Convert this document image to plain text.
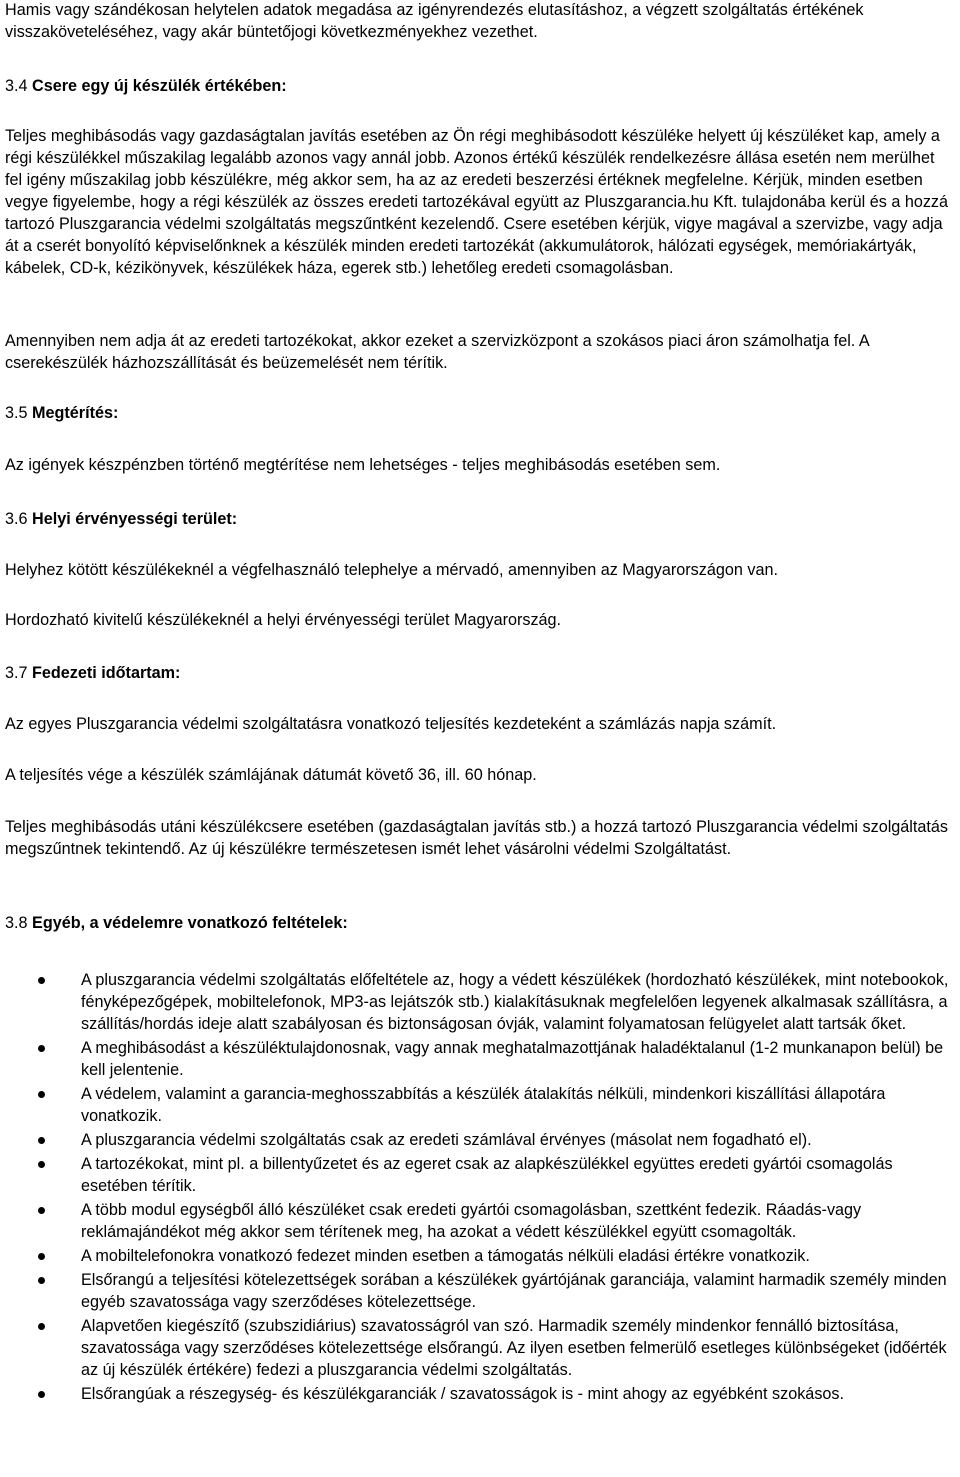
Hamis vagy szándékosan helytelen adatok megadása az igényrendezés elutasításhoz, a végzett szolgáltatás értékének visszaköveteléséhez, vagy akár büntetőjogi következményekhez vezethet.

3.4 Csere egy új készülék értékében:

Teljes meghibásodás vagy gazdaságtalan javítás esetében az Ön régi meghibásodott készüléke helyett új készüléket kap, amely a régi készülékkel műszakilag legalább azonos vagy annál jobb. Azonos értékű készülék rendelkezésre állása esetén nem merülhet fel igény műszakilag jobb készülékre, még akkor sem, ha az az eredeti beszerzési értéknek megfelelne. Kérjük, minden esetben vegye figyelembe, hogy a régi készülék az összes eredeti tartozékával együtt az Pluszgarancia.hu Kft. tulajdonába kerül és a hozzá tartozó Pluszgarancia védelmi szolgáltatás megszűntként kezelendő. Csere esetében kérjük, vigye magával a szervizbe, vagy adja át a cserét bonyolító képviselőnknek a készülék minden eredeti tartozékát (akkumulátorok, hálózati egységek, memóriakártyák, kábelek, CD-k, kézikönyvek, készülékek háza, egerek stb.) lehetőleg eredeti csomagolásban.

Amennyiben nem adja át az eredeti tartozékokat, akkor ezeket a szervizközpont a szokásos piaci áron számolhatja fel. A cserekészülék házhozszállítását és beüzemelését nem térítik.

3.5 Megtérítés:

Az igények készpénzben történő megtérítése nem lehetséges - teljes meghibásodás esetében sem.

3.6 Helyi érvényességi terület:

Helyhez kötött készülékeknél a végfelhasználó telephelye a mérvadó, amennyiben az Magyarországon van.

Hordozható kivitelű készülékeknél a helyi érvényességi terület Magyarország.

3.7 Fedezeti időtartam:

Az egyes Pluszgarancia védelmi szolgáltatásra vonatkozó teljesítés kezdeteként a számlázás napja számít.

A teljesítés vége a készülék számlájának dátumát követő 36, ill. 60 hónap.

Teljes meghibásodás utáni készülékcsere esetében (gazdaságtalan javítás stb.) a hozzá tartozó Pluszgarancia védelmi szolgáltatás megszűntnek tekintendő. Az új készülékre természetesen ismét lehet vásárolni védelmi Szolgáltatást.

3.8 Egyéb, a védelemre vonatkozó feltételek:
A pluszgarancia védelmi szolgáltatás előfeltétele az, hogy a védett készülékek (hordozható készülékek, mint notebookok, fényképezőgépek, mobiltelefonok, MP3-as lejátszók stb.) kialakításuknak megfelelően legyenek alkalmasak szállításra, a szállítás/hordás ideje alatt szabályosan és biztonságosan óvják, valamint folyamatosan felügyelet alatt tartsák őket.
A meghibásodást a készüléktulajdonosnak, vagy annak meghatalmazottjának haladéktalanul (1-2 munkanapon belül) be kell jelentenie.
A védelem, valamint a garancia-meghosszabbítás a készülék átalakítás nélküli, mindenkori kiszállítási állapotára vonatkozik.
A pluszgarancia védelmi szolgáltatás csak az eredeti számlával érvényes (másolat nem fogadható el).
A tartozékokat, mint pl. a billentyűzetet és az egeret csak az alapkészülékkel együttes eredeti gyártói csomagolás esetében térítik.
A több modul egységből álló készüléket csak eredeti gyártói csomagolásban, szettként fedezik. Ráadás-vagy reklámajándékot még akkor sem térítenek meg, ha azokat a védett készülékkel együtt csomagolták.
A mobiltelefonokra vonatkozó fedezet minden esetben a támogatás nélküli eladási értékre vonatkozik.
Elsőrangú a teljesítési kötelezettségek sorában a készülékek gyártójának garanciája, valamint harmadik személy minden egyéb szavatossága vagy szerződéses kötelezettsége.
Alapvetően kiegészítő (szubszidiárius) szavatosságról van szó. Harmadik személy mindenkor fennálló biztosítása, szavatossága vagy szerződéses kötelezettsége elsőrangú. Az ilyen esetben felmerülő esetleges különbségeket (időérték az új készülék értékére) fedezi a pluszgarancia védelmi szolgáltatás.
Elsőrangúak a részegység- és készülékgaranciák / szavatosságok is - mint ahogy az egyébként szokásos.
